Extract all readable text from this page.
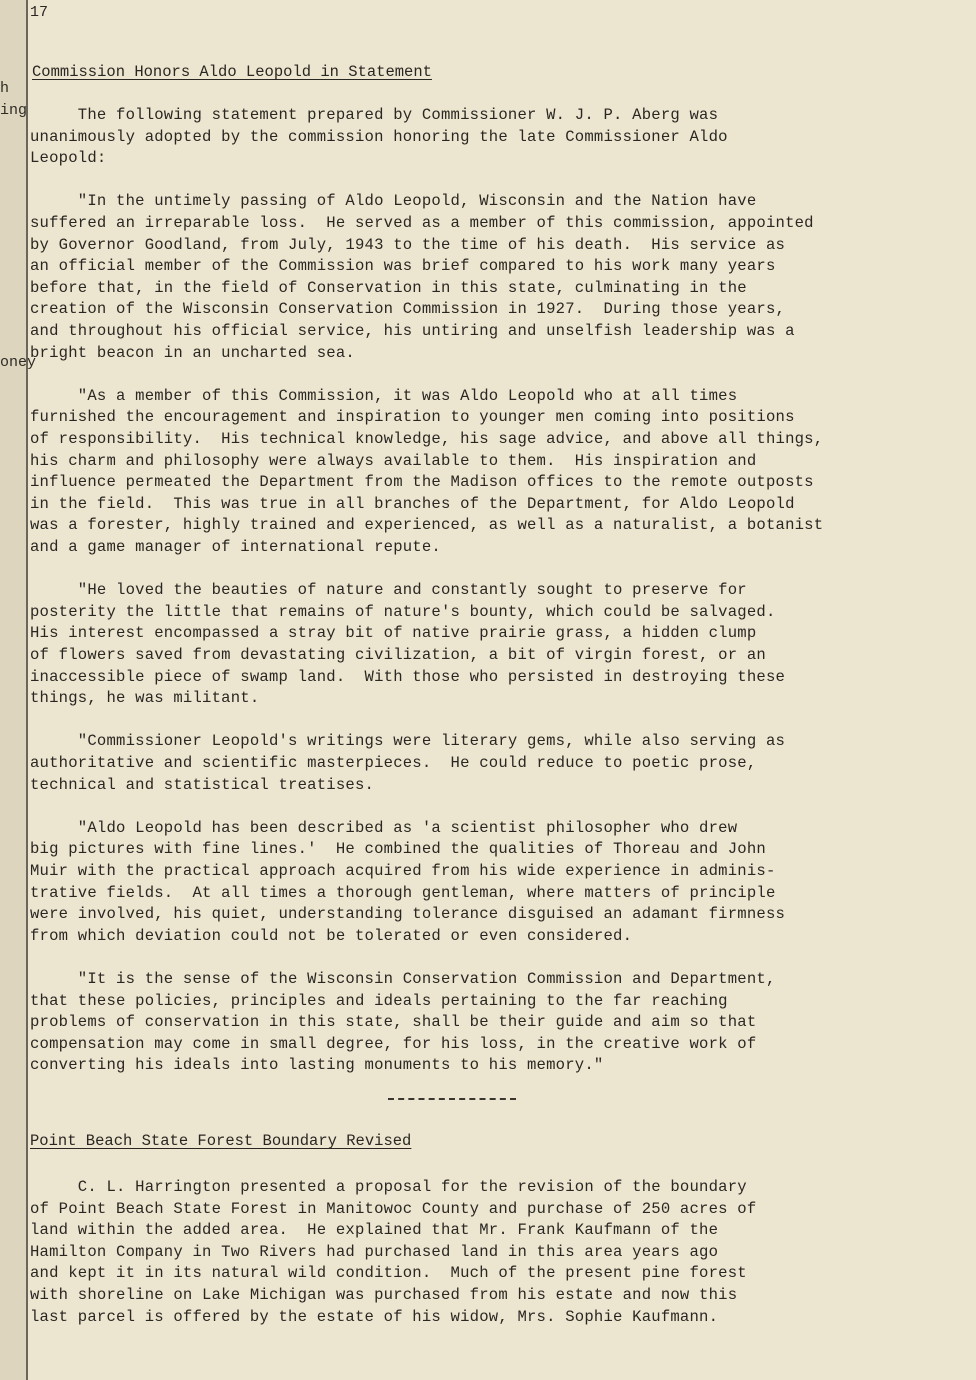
17
h
ing
oney
Commission Honors Aldo Leopold in Statement
The following statement prepared by Commissioner W. J. P. Aberg was
unanimously adopted by the commission honoring the late Commissioner Aldo
Leopold:
"In the untimely passing of Aldo Leopold, Wisconsin and the Nation have
suffered an irreparable loss.  He served as a member of this commission, appointed
by Governor Goodland, from July, 1943 to the time of his death.  His service as
an official member of the Commission was brief compared to his work many years
before that, in the field of Conservation in this state, culminating in the
creation of the Wisconsin Conservation Commission in 1927.  During those years,
and throughout his official service, his untiring and unselfish leadership was a
bright beacon in an uncharted sea.
"As a member of this Commission, it was Aldo Leopold who at all times
furnished the encouragement and inspiration to younger men coming into positions
of responsibility.  His technical knowledge, his sage advice, and above all things,
his charm and philosophy were always available to them.  His inspiration and
influence permeated the Department from the Madison offices to the remote outposts
in the field.  This was true in all branches of the Department, for Aldo Leopold
was a forester, highly trained and experienced, as well as a naturalist, a botanist
and a game manager of international repute.
"He loved the beauties of nature and constantly sought to preserve for
posterity the little that remains of nature's bounty, which could be salvaged.
His interest encompassed a stray bit of native prairie grass, a hidden clump
of flowers saved from devastating civilization, a bit of virgin forest, or an
inaccessible piece of swamp land.  With those who persisted in destroying these
things, he was militant.
"Commissioner Leopold's writings were literary gems, while also serving as
authoritative and scientific masterpieces.  He could reduce to poetic prose,
technical and statistical treatises.
"Aldo Leopold has been described as 'a scientist philosopher who drew
big pictures with fine lines.'  He combined the qualities of Thoreau and John
Muir with the practical approach acquired from his wide experience in adminis-
trative fields.  At all times a thorough gentleman, where matters of principle
were involved, his quiet, understanding tolerance disguised an adamant firmness
from which deviation could not be tolerated or even considered.
"It is the sense of the Wisconsin Conservation Commission and Department,
that these policies, principles and ideals pertaining to the far reaching
problems of conservation in this state, shall be their guide and aim so that
compensation may come in small degree, for his loss, in the creative work of
converting his ideals into lasting monuments to his memory."
Point Beach State Forest Boundary Revised
C. L. Harrington presented a proposal for the revision of the boundary
of Point Beach State Forest in Manitowoc County and purchase of 250 acres of
land within the added area.  He explained that Mr. Frank Kaufmann of the
Hamilton Company in Two Rivers had purchased land in this area years ago
and kept it in its natural wild condition.  Much of the present pine forest
with shoreline on Lake Michigan was purchased from his estate and now this
last parcel is offered by the estate of his widow, Mrs. Sophie Kaufmann.
